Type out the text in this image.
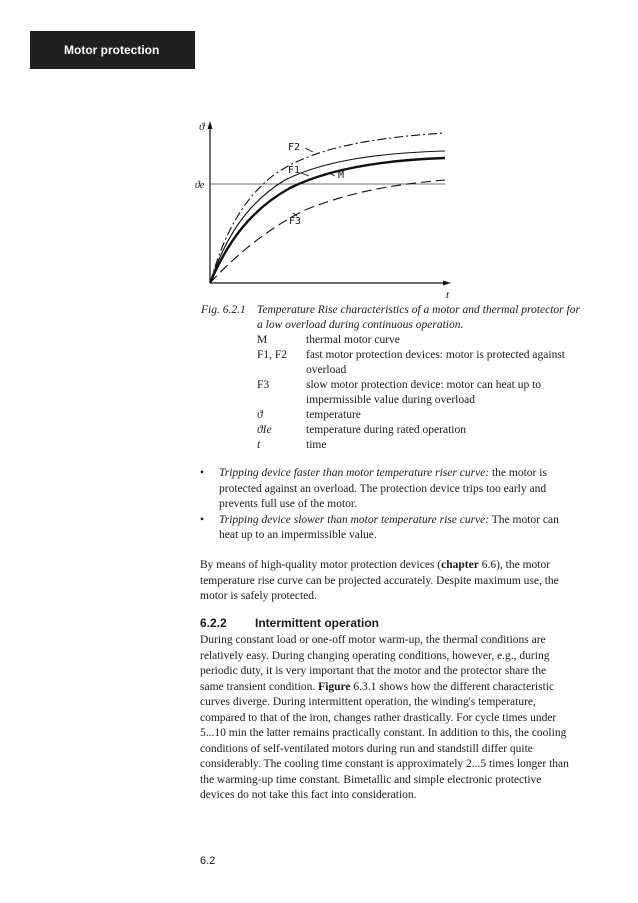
Motor protection
ϑ
ϑe
t
F2
F1	M
F3
Fig. 6.2.1 Temperature Rise characteristics of a motor and thermal protector for a low overload during continuous operation.
M	thermal motor curve
F1, F2	fast motor protection devices: motor is protected against overload
F3	slow motor protection device: motor can heat up to impermissible value during overload
ϑ	temperature
ϑIe	temperature during rated operation
t	time
• Tripping device faster than motor temperature riser curve: the motor is protected against an overload. The protection device trips too early and prevents full use of the motor.
• Tripping device slower than motor temperature rise curve: The motor can heat up to an impermissible value.

By means of high-quality motor protection devices (chapter 6.6), the motor temperature rise curve can be projected accurately. Despite maximum use, the motor is safely protected.

6.2.2	Intermittent operation

During constant load or one-off motor warm-up, the thermal conditions are relatively easy. During changing operating conditions, however, e.g., during periodic duty, it is very important that the motor and the protector share the same transient condition. Figure 6.3.1 shows how the different characteristic curves diverge. During intermittent operation, the winding's temperature, compared to that of the iron, changes rather drastically. For cycle times under 5...10 min the latter remains practically constant. In addition to this, the cooling conditions of self-ventilated motors during run and standstill differ quite considerably. The cooling time constant is approximately 2...5 times longer than the warming-up time constant. Bimetallic and simple electronic protective devices do not take this fact into consideration.

6.2
